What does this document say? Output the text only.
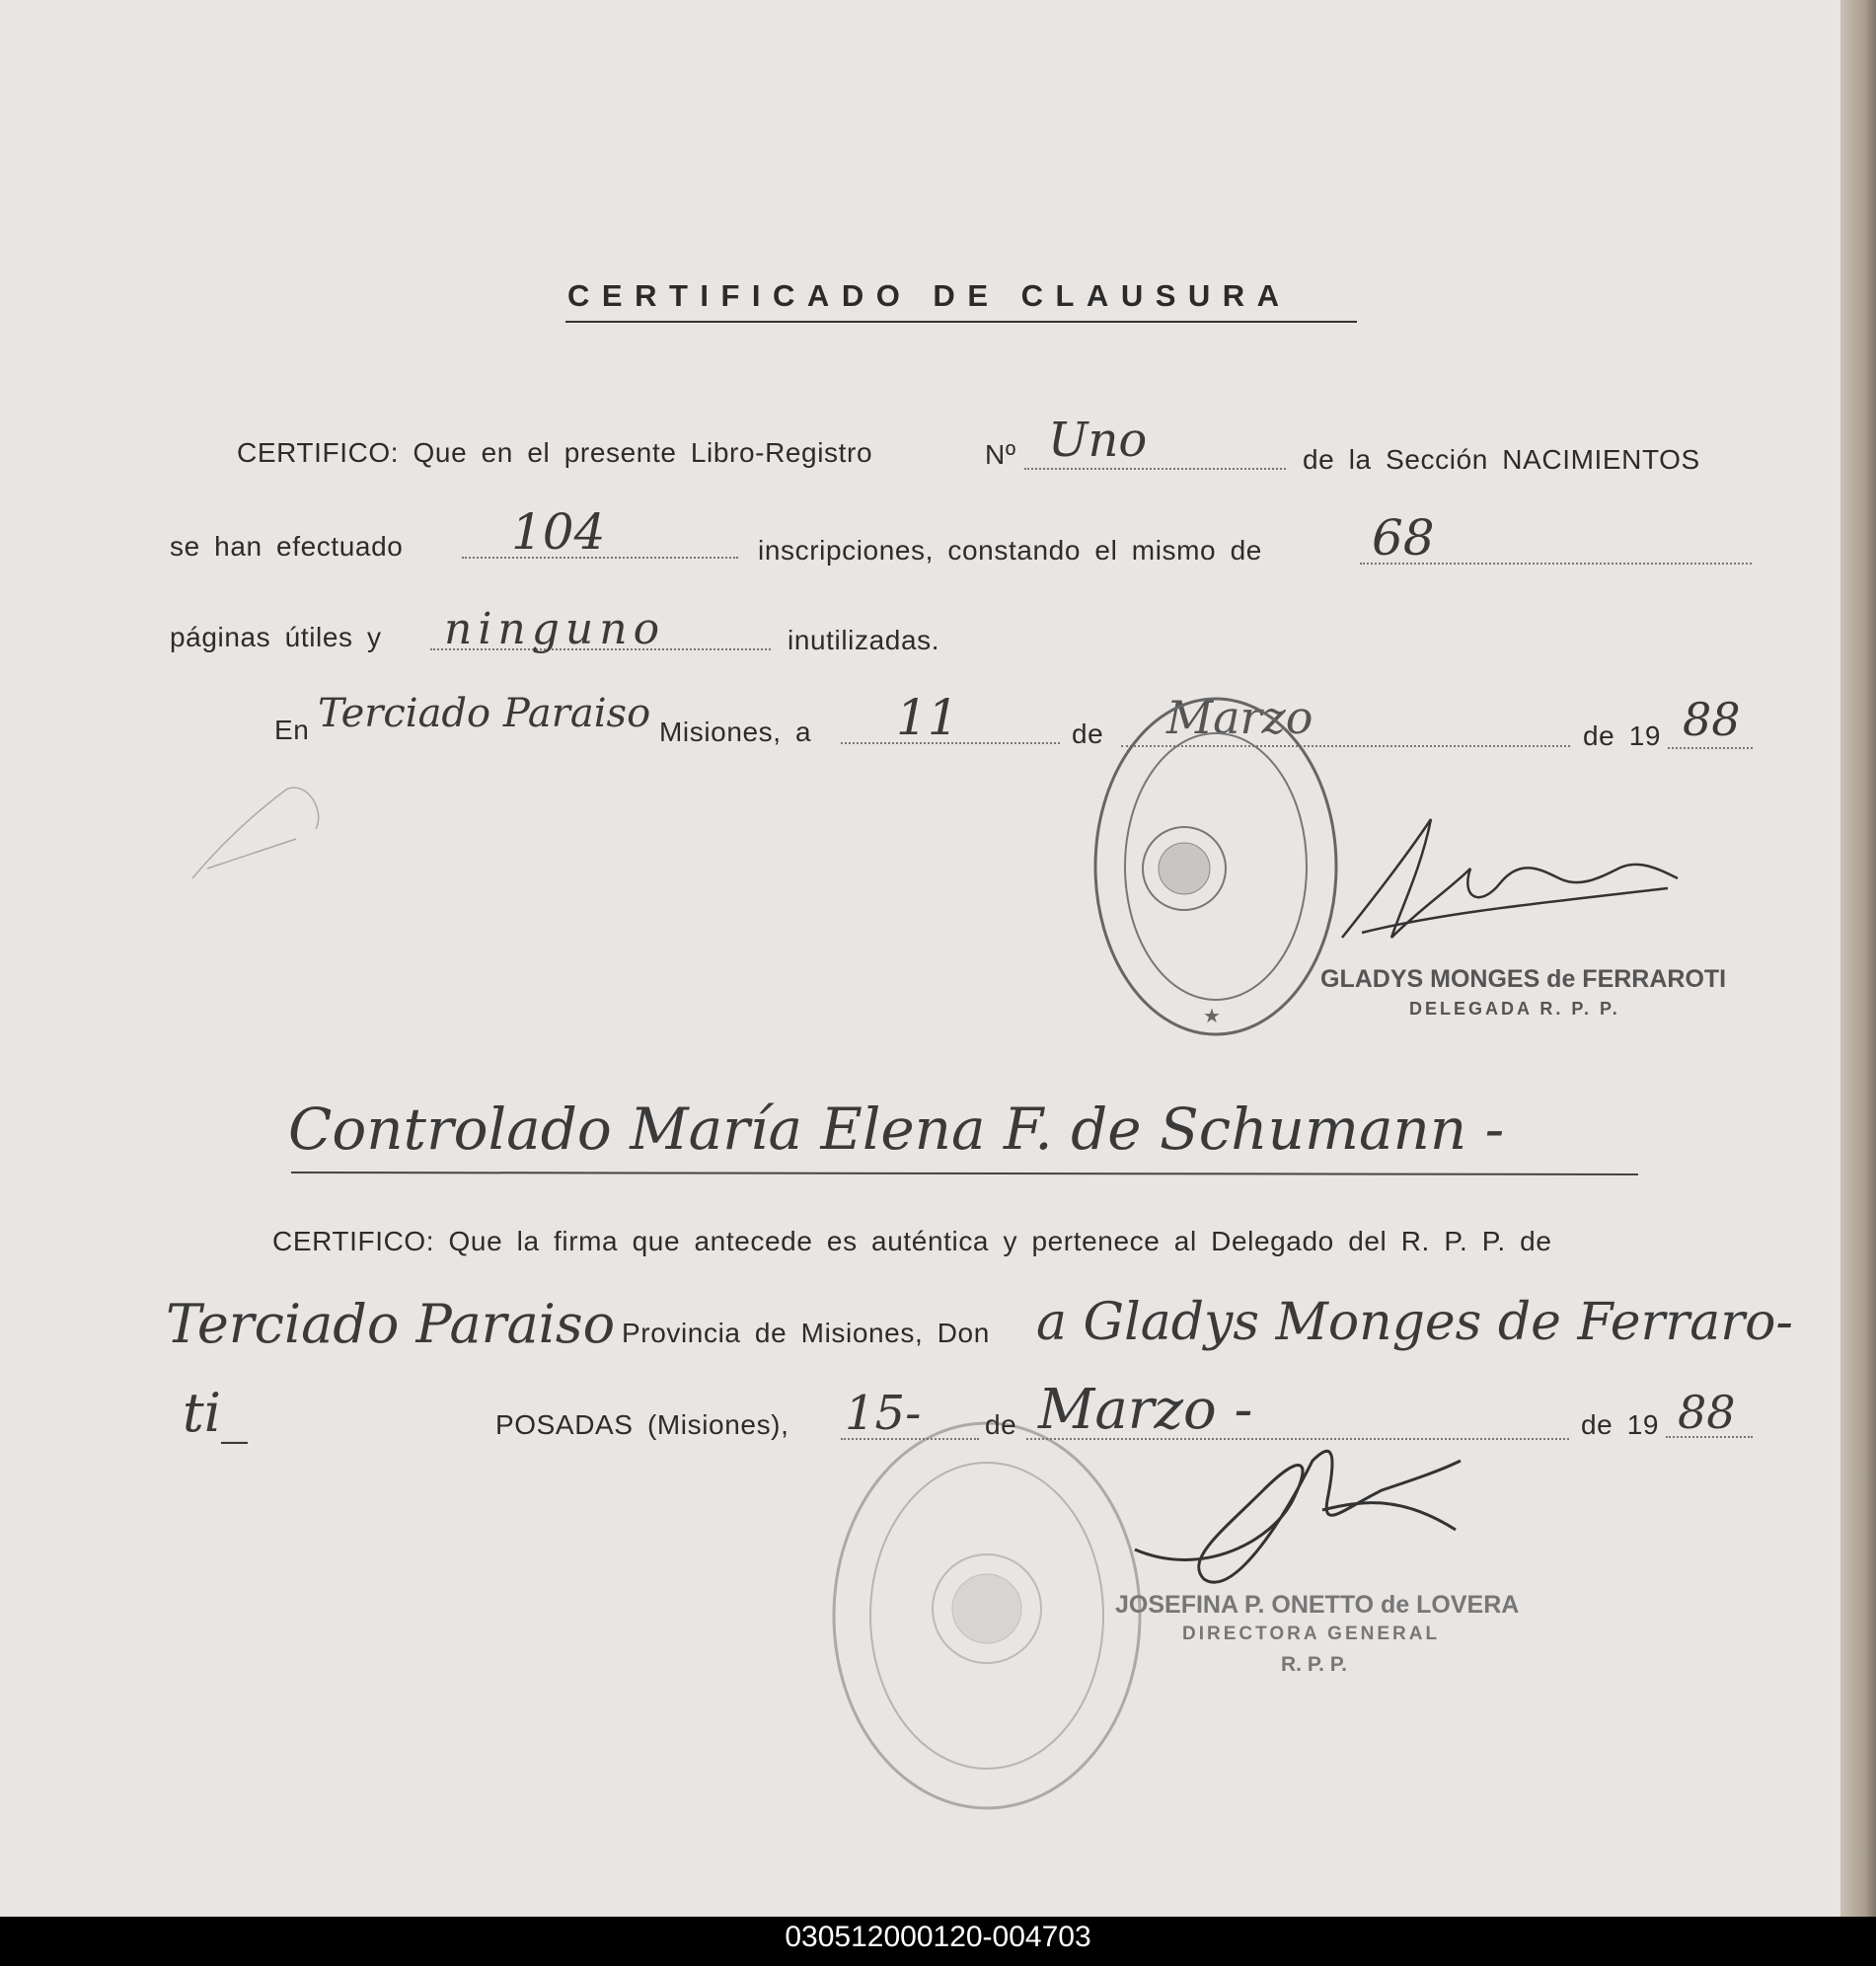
CERTIFICADO DE CLAUSURA
CERTIFICO: Que en el presente Libro-Registro	Nº Uno	de la Sección NACIMIENTOS
se han efectuado 104	inscripciones, constando el mismo de 68
páginas útiles y ninguno	inutilizadas.
En Terciado Paraiso Misiones, a 11	de Marzo	de 19 88
★
GLADYS MONGES de FERRAROTI
DELEGADA R. P. P.
Controlado María Elena F. de Schumann -
CERTIFICO: Que la firma que antecede es auténtica y pertenece al Delegado del R. P. P. de
Terciado Paraiso Provincia de Misiones, Don a Gladys Monges de Ferraro-
ti_	POSADAS (Misiones), 15- de Marzo -	de 19 88
JOSEFINA P. ONETTO de LOVERA
DIRECTORA GENERAL
R. P. P.
030512000120-004703
